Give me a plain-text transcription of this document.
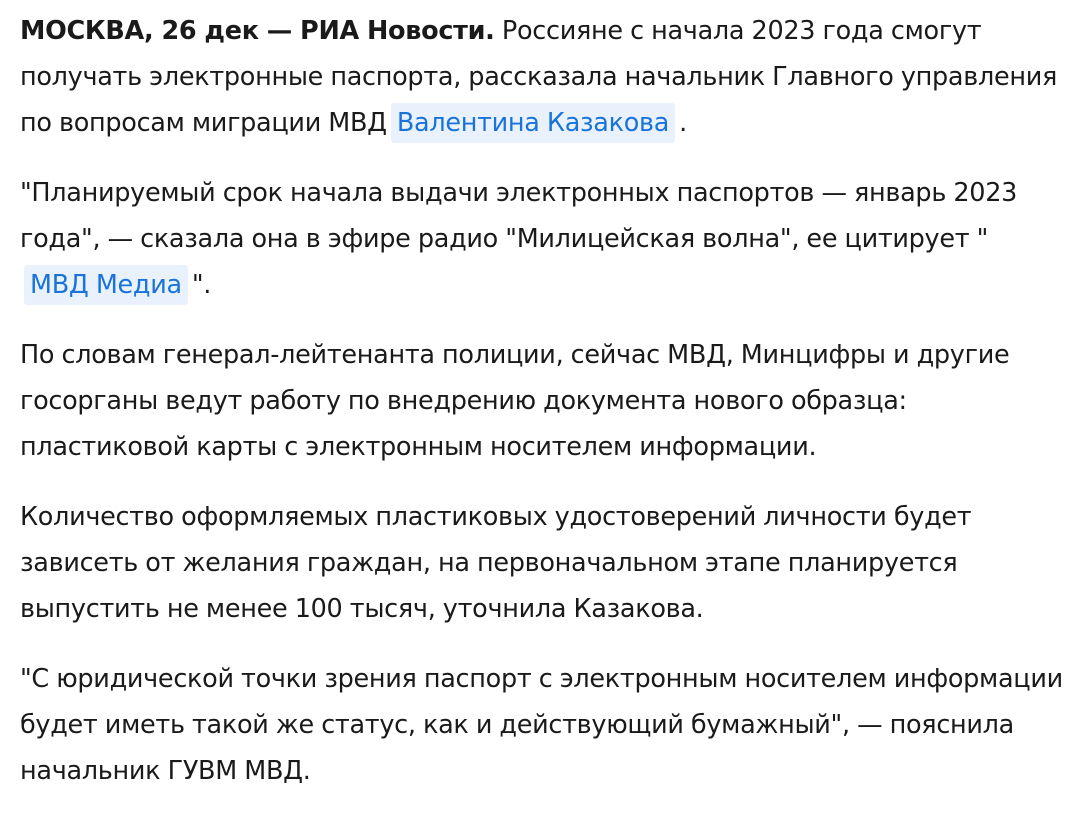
МОСКВА, 26 дек — РИА Новости. Россияне с начала 2023 года смогут получать электронные паспорта, рассказала начальник Главного управления по вопросам миграции МВД Валентина Казакова .

"Планируемый срок начала выдачи электронных паспортов — январь 2023 года", — сказала она в эфире радио "Милицейская волна", ее цитирует "МВД Медиа ".

По словам генерал-лейтенанта полиции, сейчас МВД, Минцифры и другие госорганы ведут работу по внедрению документа нового образца: пластиковой карты с электронным носителем информации.

Количество оформляемых пластиковых удостоверений личности будет зависеть от желания граждан, на первоначальном этапе планируется выпустить не менее 100 тысяч, уточнила Казакова.

"С юридической точки зрения паспорт с электронным носителем информации будет иметь такой же статус, как и действующий бумажный", — пояснила начальник ГУВМ МВД.
